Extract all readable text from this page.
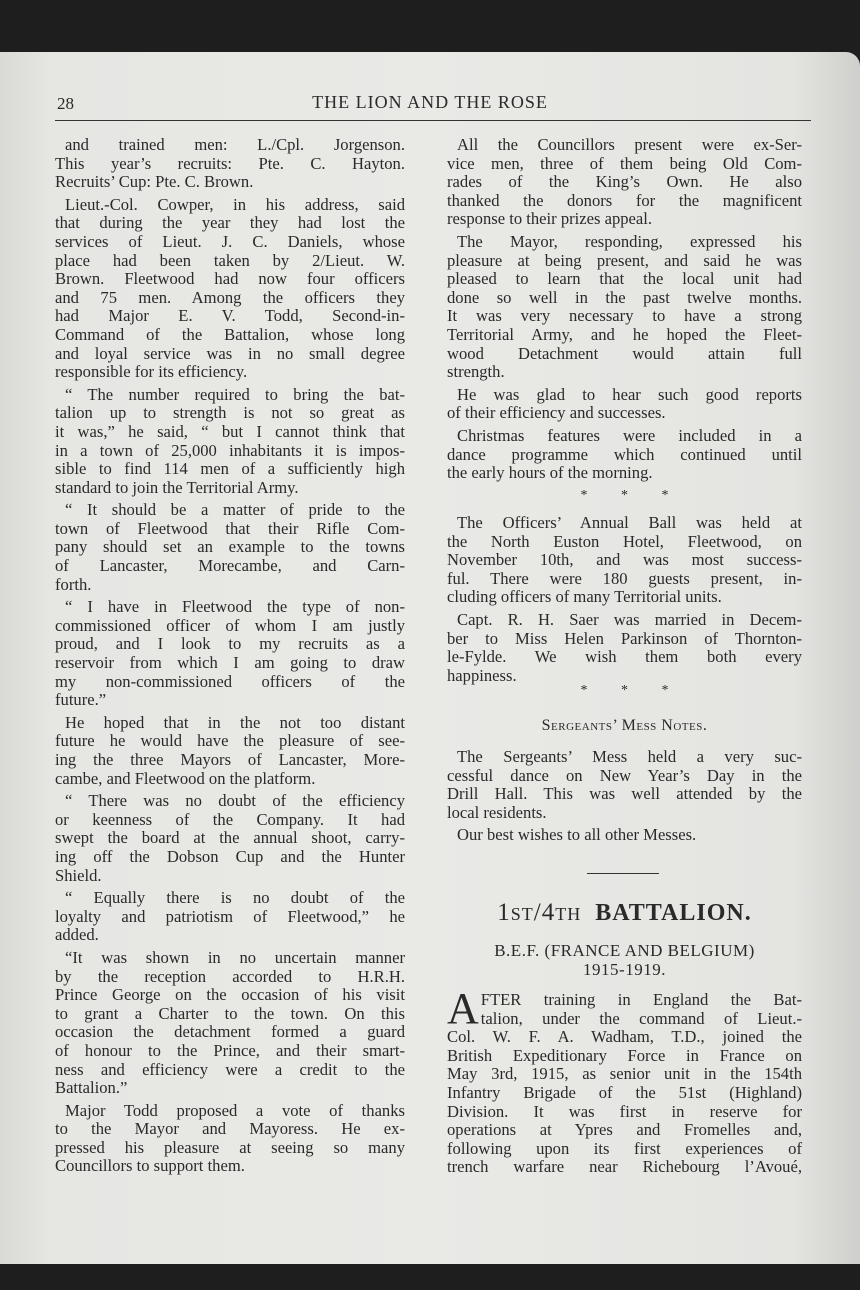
28	THE LION AND THE ROSE
and trained men: L./Cpl. Jorgenson.
This year’s recruits: Pte. C. Hayton.
Recruits’ Cup: Pte. C. Brown.
Lieut.-Col. Cowper, in his address, said
that during the year they had lost the
services of Lieut. J. C. Daniels, whose
place had been taken by 2/Lieut. W.
Brown. Fleetwood had now four officers
and 75 men. Among the officers they
had Major E. V. Todd, Second-in-
Command of the Battalion, whose long
and loyal service was in no small degree
responsible for its efficiency.
“ The number required to bring the bat-
talion up to strength is not so great as
it was,” he said, “ but I cannot think that
in a town of 25,000 inhabitants it is impos-
sible to find 114 men of a sufficiently high
standard to join the Territorial Army.
“ It should be a matter of pride to the
town of Fleetwood that their Rifle Com-
pany should set an example to the towns
of Lancaster, Morecambe, and Carn-
forth.
“ I have in Fleetwood the type of non-
commissioned officer of whom I am justly
proud, and I look to my recruits as a
reservoir from which I am going to draw
my non-commissioned officers of the
future.”
He hoped that in the not too distant
future he would have the pleasure of see-
ing the three Mayors of Lancaster, More-
cambe, and Fleetwood on the platform.
“ There was no doubt of the efficiency
or keenness of the Company. It had
swept the board at the annual shoot, carry-
ing off the Dobson Cup and the Hunter
Shield.
“ Equally there is no doubt of the
loyalty and patriotism of Fleetwood,” he
added.
“It was shown in no uncertain manner
by the reception accorded to H.R.H.
Prince George on the occasion of his visit
to grant a Charter to the town. On this
occasion the detachment formed a guard
of honour to the Prince, and their smart-
ness and efficiency were a credit to the
Battalion.”
Major Todd proposed a vote of thanks
to the Mayor and Mayoress. He ex-
pressed his pleasure at seeing so many
Councillors to support them.
All the Councillors present were ex-Ser-
vice men, three of them being Old Com-
rades of the King’s Own. He also
thanked the donors for the magnificent
response to their prizes appeal.
The Mayor, responding, expressed his
pleasure at being present, and said he was
pleased to learn that the local unit had
done so well in the past twelve months.
It was very necessary to have a strong
Territorial Army, and he hoped the Fleet-
wood Detachment would attain full
strength.
He was glad to hear such good reports
of their efficiency and successes.
Christmas features were included in a
dance programme which continued until
the early hours of the morning.
* * *
The Officers’ Annual Ball was held at
the North Euston Hotel, Fleetwood, on
November 10th, and was most success-
ful. There were 180 guests present, in-
cluding officers of many Territorial units.
Capt. R. H. Saer was married in Decem-
ber to Miss Helen Parkinson of Thornton-
le-Fylde. We wish them both every
happiness.
* * *
Sergeants’ Mess Notes.
The Sergeants’ Mess held a very suc-
cessful dance on New Year’s Day in the
Drill Hall. This was well attended by the
local residents.
Our best wishes to all other Messes.
1st/4th BATTALION.
B.E.F. (FRANCE AND BELGIUM)
1915-1919.
A FTER training in England the Bat-
talion, under the command of Lieut.-
Col. W. F. A. Wadham, T.D., joined the
British Expeditionary Force in France on
May 3rd, 1915, as senior unit in the 154th
Infantry Brigade of the 51st (Highland)
Division. It was first in reserve for
operations at Ypres and Fromelles and,
following upon its first experiences of
trench warfare near Richebourg l’Avoué,
